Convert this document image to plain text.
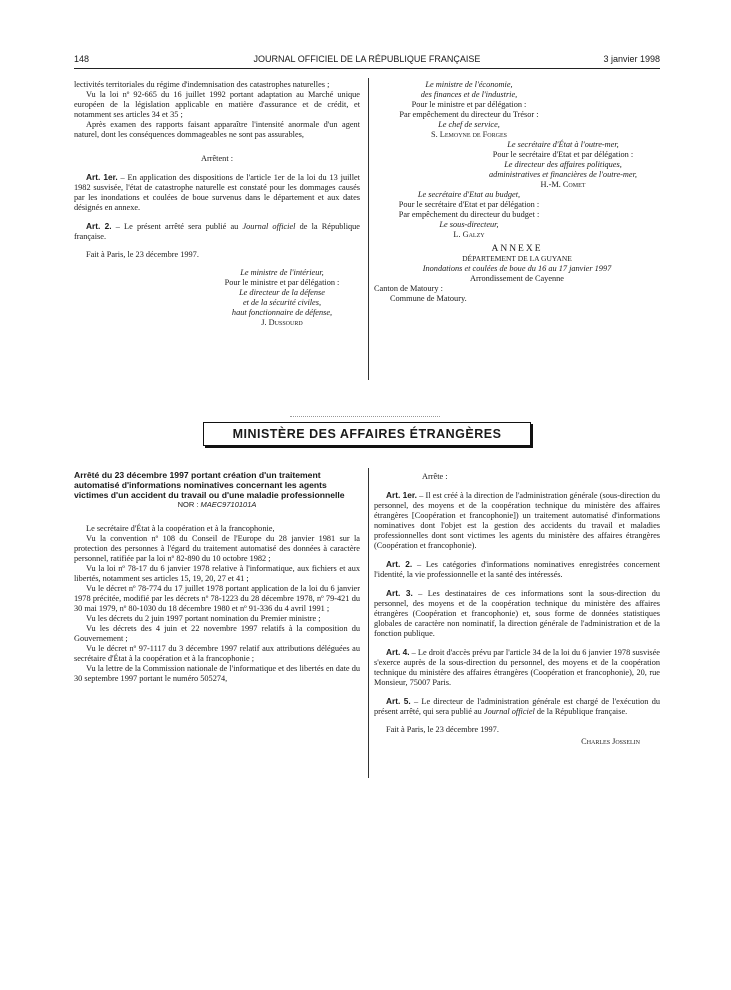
148	JOURNAL OFFICIEL DE LA RÉPUBLIQUE FRANÇAISE	3 janvier 1998

lectivités territoriales du régime d'indemnisation des catastrophes naturelles ;

Vu la loi nº 92-665 du 16 juillet 1992 portant adaptation au Marché unique européen de la législation applicable en matière d'assurance et de crédit, et notamment ses articles 34 et 35 ;

Après examen des rapports faisant apparaître l'intensité anormale d'un agent naturel, dont les conséquences dommageables ne sont pas assurables,

Arrêtent :

Art. 1er. – En application des dispositions de l'article 1er de la loi du 13 juillet 1982 susvisée, l'état de catastrophe naturelle est constaté pour les dommages causés par les inondations et coulées de boue survenus dans le département et aux dates désignés en annexe.

Art. 2. – Le présent arrêté sera publié au Journal officiel de la République française.

Fait à Paris, le 23 décembre 1997.

Le ministre de l'intérieur,

Pour le ministre et par délégation :

Le directeur de la défense

et de la sécurité civiles,

haut fonctionnaire de défense,

J. Dussourd

Le ministre de l'économie,

des finances et de l'industrie,

Pour le ministre et par délégation :

Par empêchement du directeur du Trésor :

Le chef de service,

S. Lemoyne de Forges

Le secrétaire d'État à l'outre-mer,

Pour le secrétaire d'Etat et par délégation :

Le directeur des affaires politiques,

administratives et financières de l'outre-mer,

H.-M. Comet

Le secrétaire d'Etat au budget,

Pour le secrétaire d'Etat et par délégation :

Par empêchement du directeur du budget :

Le sous-directeur,

L. Galzy

ANNEXE

DÉPARTEMENT DE LA GUYANE

Inondations et coulées de boue du 16 au 17 janvier 1997

Arrondissement de Cayenne

Canton de Matoury :

Commune de Matoury.

MINISTÈRE DES AFFAIRES ÉTRANGÈRES

Arrêté du 23 décembre 1997 portant création d'un traitement automatisé d'informations nominatives concernant les agents victimes d'un accident du travail ou d'une maladie professionnelle

NOR : MAEC9710101A

Le secrétaire d'État à la coopération et à la francophonie,

Vu la convention nº 108 du Conseil de l'Europe du 28 janvier 1981 sur la protection des personnes à l'égard du traitement automatisé des données à caractère personnel, ratifiée par la loi nº 82-890 du 10 octobre 1982 ;

Vu la loi nº 78-17 du 6 janvier 1978 relative à l'informatique, aux fichiers et aux libertés, notamment ses articles 15, 19, 20, 27 et 41 ;

Vu le décret nº 78-774 du 17 juillet 1978 portant application de la loi du 6 janvier 1978 précitée, modifié par les décrets nº 78-1223 du 28 décembre 1978, nº 79-421 du 30 mai 1979, nº 80-1030 du 18 décembre 1980 et nº 91-336 du 4 avril 1991 ;

Vu les décrets du 2 juin 1997 portant nomination du Premier ministre ;

Vu les décrets des 4 juin et 22 novembre 1997 relatifs à la composition du Gouvernement ;

Vu le décret nº 97-1117 du 3 décembre 1997 relatif aux attributions déléguées au secrétaire d'État à la coopération et à la francophonie ;

Vu la lettre de la Commission nationale de l'informatique et des libertés en date du 30 septembre 1997 portant le numéro 505274,

Arrête :

Art. 1er. – Il est créé à la direction de l'administration générale (sous-direction du personnel, des moyens et de la coopération technique du ministère des affaires étrangères [Coopération et francophonie]) un traitement automatisé d'informations nominatives dont l'objet est la gestion des accidents du travail et maladies professionnelles dont sont victimes les agents du ministère des affaires étrangères (Coopération et francophonie).

Art. 2. – Les catégories d'informations nominatives enregistrées concernent l'identité, la vie professionnelle et la santé des intéressés.

Art. 3. – Les destinataires de ces informations sont la sous-direction du personnel, des moyens et de la coopération technique du ministère des affaires étrangères (Coopération et francophonie) et, sous forme de données statistiques globales de caractère non nominatif, la direction générale de l'administration et de la fonction publique.

Art. 4. – Le droit d'accès prévu par l'article 34 de la loi du 6 janvier 1978 susvisée s'exerce auprès de la sous-direction du personnel, des moyens et de la coopération technique du ministère des affaires étrangères (Coopération et francophonie), 20, rue Monsieur, 75007 Paris.

Art. 5. – Le directeur de l'administration générale est chargé de l'exécution du présent arrêté, qui sera publié au Journal officiel de la République française.

Fait à Paris, le 23 décembre 1997.

Charles Josselin
